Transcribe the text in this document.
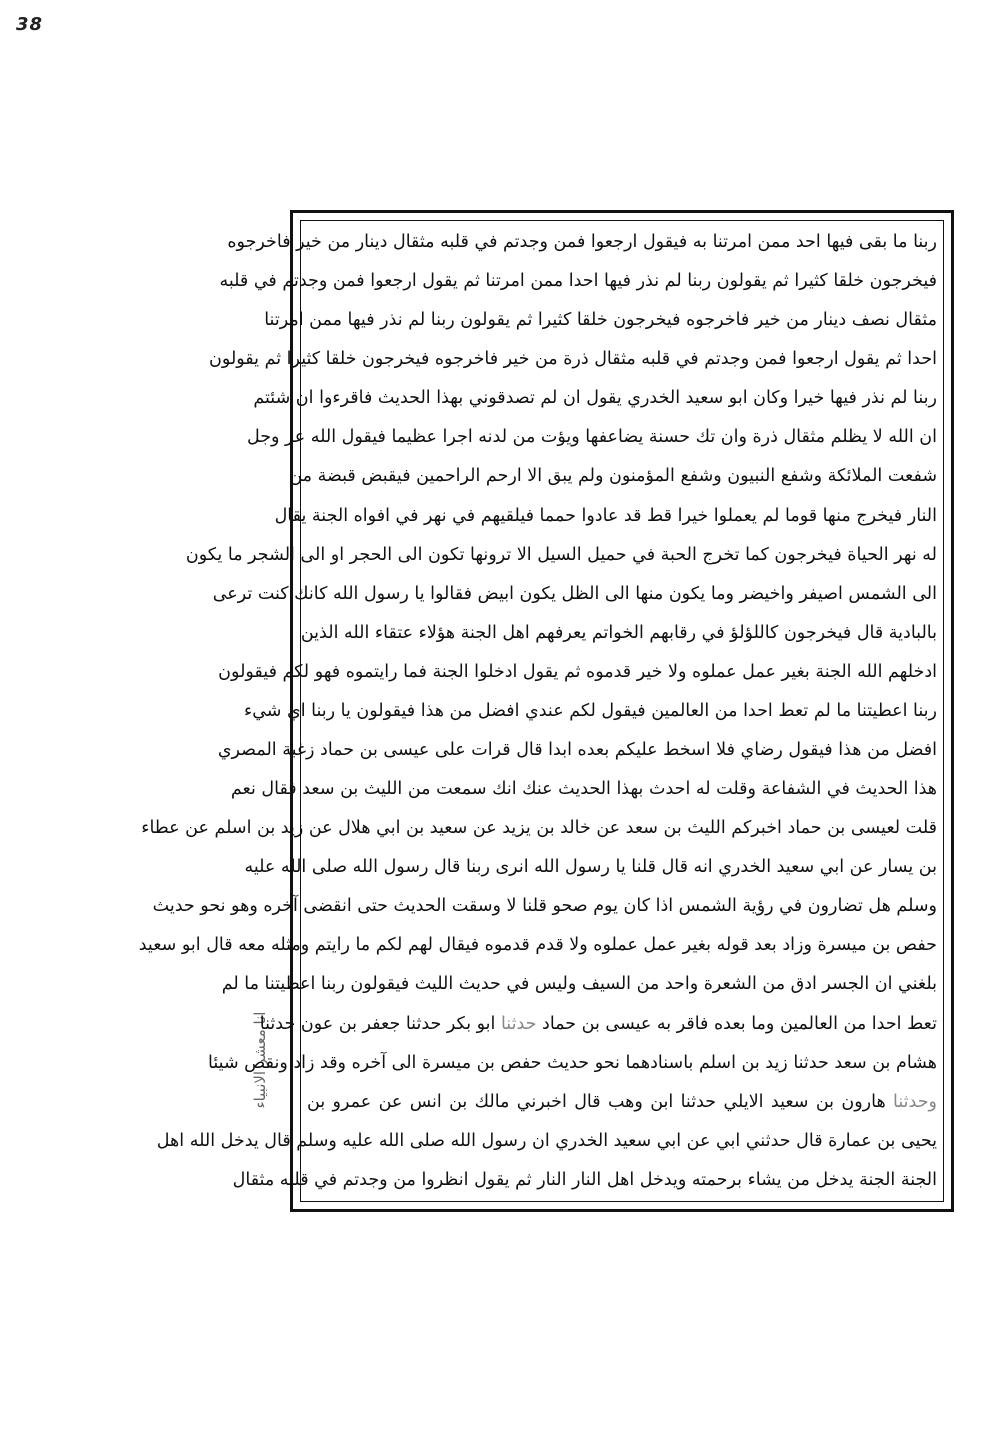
38
انا معشر الانبياء
ربنا ما بقى فيها احد ممن امرتنا به فيقول ارجعوا فمن وجدتم في قلبه مثقال دينار من خير فاخرجوه
فيخرجون خلقا كثيرا ثم يقولون ربنا لم نذر فيها احدا ممن امرتنا ثم يقول ارجعوا فمن وجدتم في قلبه
مثقال نصف دينار من خير فاخرجوه فيخرجون خلقا كثيرا ثم يقولون ربنا لم نذر فيها ممن امرتنا
احدا ثم يقول ارجعوا فمن وجدتم في قلبه مثقال ذرة من خير فاخرجوه فيخرجون خلقا كثيرا ثم يقولون
ربنا لم نذر فيها خيرا وكان ابو سعيد الخدري يقول ان لم تصدقوني بهذا الحديث فاقرءوا ان شئتم
ان الله لا يظلم مثقال ذرة وان تك حسنة يضاعفها ويؤت من لدنه اجرا عظيما فيقول الله عز وجل
شفعت الملائكة وشفع النبيون وشفع المؤمنون ولم يبق الا ارحم الراحمين فيقبض قبضة من
النار فيخرج منها قوما لم يعملوا خيرا قط قد عادوا حمما فيلقيهم في نهر في افواه الجنة يقال
له نهر الحياة فيخرجون كما تخرج الحبة في حميل السيل الا ترونها تكون الى الحجر او الى الشجر ما يكون
الى الشمس اصيفر واخيضر وما يكون منها الى الظل يكون ابيض فقالوا يا رسول الله كانك كنت ترعى
بالبادية قال فيخرجون كاللؤلؤ في رقابهم الخواتم يعرفهم اهل الجنة هؤلاء عتقاء الله الذين
ادخلهم الله الجنة بغير عمل عملوه ولا خير قدموه ثم يقول ادخلوا الجنة فما رايتموه فهو لكم فيقولون
ربنا اعطيتنا ما لم تعط احدا من العالمين فيقول لكم عندي افضل من هذا فيقولون يا ربنا اي شيء
افضل من هذا فيقول رضاي فلا اسخط عليكم بعده ابدا قال قرات على عيسى بن حماد زغبة المصري
هذا الحديث في الشفاعة وقلت له احدث بهذا الحديث عنك انك سمعت من الليث بن سعد فقال نعم
قلت لعيسى بن حماد اخبركم الليث بن سعد عن خالد بن يزيد عن سعيد بن ابي هلال عن زيد بن اسلم عن عطاء
بن يسار عن ابي سعيد الخدري انه قال قلنا يا رسول الله انرى ربنا قال رسول الله صلى الله عليه
وسلم هل تضارون في رؤية الشمس اذا كان يوم صحو قلنا لا وسقت الحديث حتى انقضى آخره وهو نحو حديث
حفص بن ميسرة وزاد بعد قوله بغير عمل عملوه ولا قدم قدموه فيقال لهم لكم ما رايتم ومثله معه قال ابو سعيد
بلغني ان الجسر ادق من الشعرة واحد من السيف وليس في حديث الليث فيقولون ربنا اعطيتنا ما لم
تعط احدا من العالمين وما بعده فاقر به عيسى بن حماد حدثنا ابو بكر حدثنا جعفر بن عون حدثنا
هشام بن سعد حدثنا زيد بن اسلم باسنادهما نحو حديث حفص بن ميسرة الى آخره وقد زاد ونقص شيئا
وحدثنا هارون بن سعيد الايلي حدثنا ابن وهب قال اخبرني مالك بن انس عن عمرو بن
يحيى بن عمارة قال حدثني ابي عن ابي سعيد الخدري ان رسول الله صلى الله عليه وسلم قال يدخل الله اهل
الجنة الجنة يدخل من يشاء برحمته ويدخل اهل النار النار ثم يقول انظروا من وجدتم في قلبه مثقال
